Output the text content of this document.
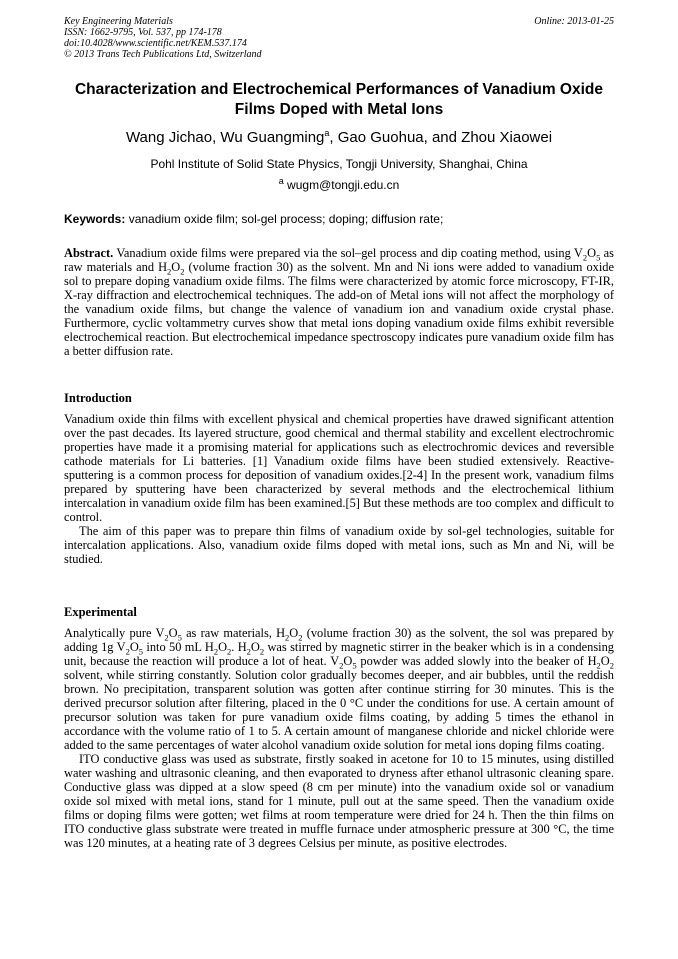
Key Engineering Materials
ISSN: 1662-9795, Vol. 537, pp 174-178
doi:10.4028/www.scientific.net/KEM.537.174
© 2013 Trans Tech Publications Ltd, Switzerland
Online: 2013-01-25
Characterization and Electrochemical Performances of Vanadium Oxide Films Doped with Metal Ions
Wang Jichao, Wu Guangming$^a$, Gao Guohua, and Zhou Xiaowei
Pohl Institute of Solid State Physics, Tongji University, Shanghai, China
$^a$ wugm@tongji.edu.cn
Keywords: vanadium oxide film; sol-gel process; doping; diffusion rate;

Abstract. Vanadium oxide films were prepared via the sol–gel process and dip coating method, using $V_2O_5$ as raw materials and $H_2O_2$ (volume fraction 30) as the solvent. Mn and Ni ions were added to vanadium oxide sol to prepare doping vanadium oxide films. The films were characterized by atomic force microscopy, FT-IR, X-ray diffraction and electrochemical techniques. The add-on of Metal ions will not affect the morphology of the vanadium oxide films, but change the valence of vanadium ion and vanadium oxide crystal phase. Furthermore, cyclic voltammetry curves show that metal ions doping vanadium oxide films exhibit reversible electrochemical reaction. But electrochemical impedance spectroscopy indicates pure vanadium oxide film has a better diffusion rate.

Introduction

Vanadium oxide thin films with excellent physical and chemical properties have drawed significant attention over the past decades. Its layered structure, good chemical and thermal stability and excellent electrochromic properties have made it a promising material for applications such as electrochromic devices and reversible cathode materials for Li batteries. [1] Vanadium oxide films have been studied extensively. Reactive-sputtering is a common process for deposition of vanadium oxides.[2-4] In the present work, vanadium films prepared by sputtering have been characterized by several methods and the electrochemical lithium intercalation in vanadium oxide film has been examined.[5] But these methods are too complex and difficult to control.

The aim of this paper was to prepare thin films of vanadium oxide by sol-gel technologies, suitable for intercalation applications. Also, vanadium oxide films doped with metal ions, such as Mn and Ni, will be studied.

Experimental

Analytically pure $V_2O_5$ as raw materials, $H_2O_2$ (volume fraction 30) as the solvent, the sol was prepared by adding 1g $V_2O_5$ into 50 mL $H_2O_2$. $H_2O_2$ was stirred by magnetic stirrer in the beaker which is in a condensing unit, because the reaction will produce a lot of heat. $V_2O_5$ powder was added slowly into the beaker of $H_2O_2$ solvent, while stirring constantly. Solution color gradually becomes deeper, and air bubbles, until the reddish brown. No precipitation, transparent solution was gotten after continue stirring for 30 minutes. This is the derived precursor solution after filtering, placed in the 0 °C under the conditions for use. A certain amount of precursor solution was taken for pure vanadium oxide films coating, by adding 5 times the ethanol in accordance with the volume ratio of 1 to 5. A certain amount of manganese chloride and nickel chloride were added to the same percentages of water alcohol vanadium oxide solution for metal ions doping films coating.

ITO conductive glass was used as substrate, firstly soaked in acetone for 10 to 15 minutes, using distilled water washing and ultrasonic cleaning, and then evaporated to dryness after ethanol ultrasonic cleaning spare. Conductive glass was dipped at a slow speed (8 cm per minute) into the vanadium oxide sol or vanadium oxide sol mixed with metal ions, stand for 1 minute, pull out at the same speed. Then the vanadium oxide films or doping films were gotten; wet films at room temperature were dried for 24 h. Then the thin films on ITO conductive glass substrate were treated in muffle furnace under atmospheric pressure at 300 °C, the time was 120 minutes, at a heating rate of 3 degrees Celsius per minute, as positive electrodes.
